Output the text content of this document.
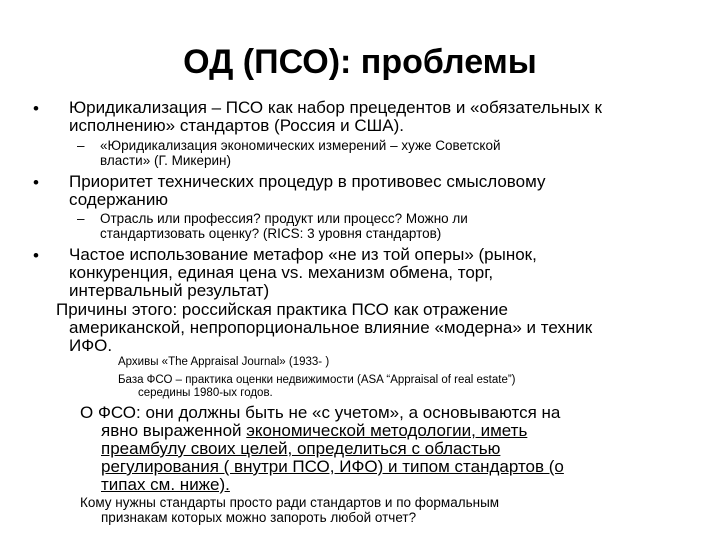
ОД (ПСО): проблемы
• Юридикализация – ПСО как набор прецедентов и «обязательных к
исполнению» стандартов (Россия и США).
– «Юридикализация экономических измерений – хуже Советской
власти» (Г. Микерин)
• Приоритет технических процедур в противовес смысловому
содержанию
– Отрасль или профессия? продукт или процесс? Можно ли
стандартизовать оценку? (RICS: 3 уровня стандартов)
• Частое использование метафор «не из той оперы» (рынок,
конкуренция, единая цена vs. механизм обмена, торг,
интервальный результат)
Причины этого: российская практика ПСО как отражение
американской, непропорциональное влияние «модерна» и техник
ИФО.
Архивы «The Appraisal Journal» (1933- )
База ФСО – практика оценки недвижимости (ASA “Appraisal of real estate”)
середины 1980-ых годов.
О ФСО: они должны быть не «с учетом», а основываются на
явно выраженной экономической методологии, иметь
преамбулу своих целей, определиться с областью
регулирования ( внутри ПСО, ИФО) и типом стандартов (о
типах см. ниже).
Кому нужны стандарты просто ради стандартов и по формальным
признакам которых можно запороть любой отчет?
